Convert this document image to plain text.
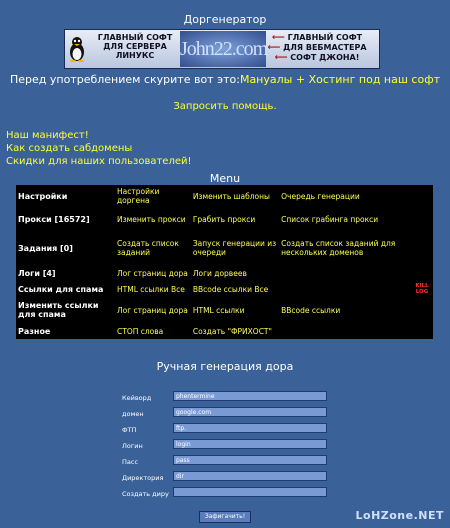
Доргенератор
ГЛАВНЫЙ СОФТ
ДЛЯ СЕРВЕРА
ЛИНУКС	John22.com ⟵ ГЛАВНЫЙ СОФТ
⟵ ДЛЯ ВЕБМАСТЕРА
⟵ СОФТ ДЖОНА!
Перед употреблением скурите вот это:Мануалы + Хостинг под наш софт
Запросить помощь.
Наш манифест!
Как создать сабдомены
Скидки для наших пользователей!
Menu
Настройки	Настройки доргена	Изменить шаблоны	Очередь генерации	
Прокси [16572]	Изменить прокси	Грабить прокси	Список грабинга прокси	
Задания [0]	Создать список заданий	Запуск генерации из очереди	Создать список заданий для нескольких доменов	
Логи [4]	Лог страниц дора	Логи дорвеев		
Ссылки для спама	HTML ссылки Все	BBcode ссылки Все		KILL
LOG

Изменить ссылки для спама	Лог страниц дора	HTML ссылки	BBcode ссылки	
Разное	СТОП слова	Создать "ФРИХОСТ"		
Ручная генерация дора
Кейворд	phentermine
домен	google.com
ФТП	ftp.
Логин	login
Пасс	pass
Директория	dir
Создать диру
Зафигачить!	LoHZone.NET
